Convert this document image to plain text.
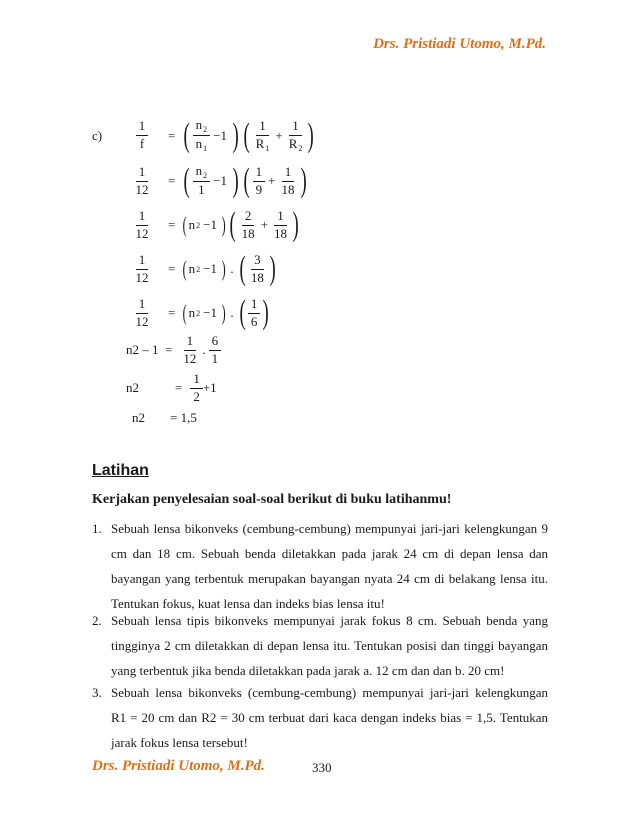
Drs. Pristiadi Utomo, M.Pd.
c)	$\frac{1}{f}$ = ( $\frac{n_2}{n_1} -1$ ) ( $\frac{1}{R_1} + \frac{1}{R_2}$ )
$\frac{1}{12}$ = ( $\frac{n_2}{1} -1$ ) ( $\frac{1}{9} + \frac{1}{18}$ )
$\frac{1}{12}$ = ( n 2 −1 ) ( $\frac{2}{18} + \frac{1}{18}$ )
$\frac{1}{12}$ = ( n 2 −1 ) . ( $\frac{3}{18}$ )
$\frac{1}{12}$ = ( n 2 −1 ) . ( $\frac{1}{6}$ )
$n2 - 1 = \frac{1}{12}$ . $\frac{6}{1}$
n2	= $\frac{1}{2} +1$
n2	= 1,5
Latihan
Kerjakan penyelesaian soal-soal berikut di buku latihanmu!
1. Sebuah lensa bikonveks (cembung-cembung) mempunyai jari-jari kelengkungan 9 cm dan 18 cm. Sebuah benda diletakkan pada jarak 24 cm di depan lensa dan bayangan yang terbentuk merupakan bayangan nyata 24 cm di belakang lensa itu. Tentukan fokus, kuat lensa dan indeks bias lensa itu!
2. Sebuah lensa tipis bikonveks mempunyai jarak fokus 8 cm. Sebuah benda yang tingginya 2 cm diletakkan di depan lensa itu. Tentukan posisi dan tinggi bayangan yang terbentuk jika benda diletakkan pada jarak a. 12 cm dan dan b. 20 cm!
3. Sebuah lensa bikonveks (cembung-cembung) mempunyai jari-jari kelengkungan R1 = 20 cm dan R2 = 30 cm terbuat dari kaca dengan indeks bias = 1,5. Tentukan jarak fokus lensa tersebut!
Drs. Pristiadi Utomo, M.Pd.	330
